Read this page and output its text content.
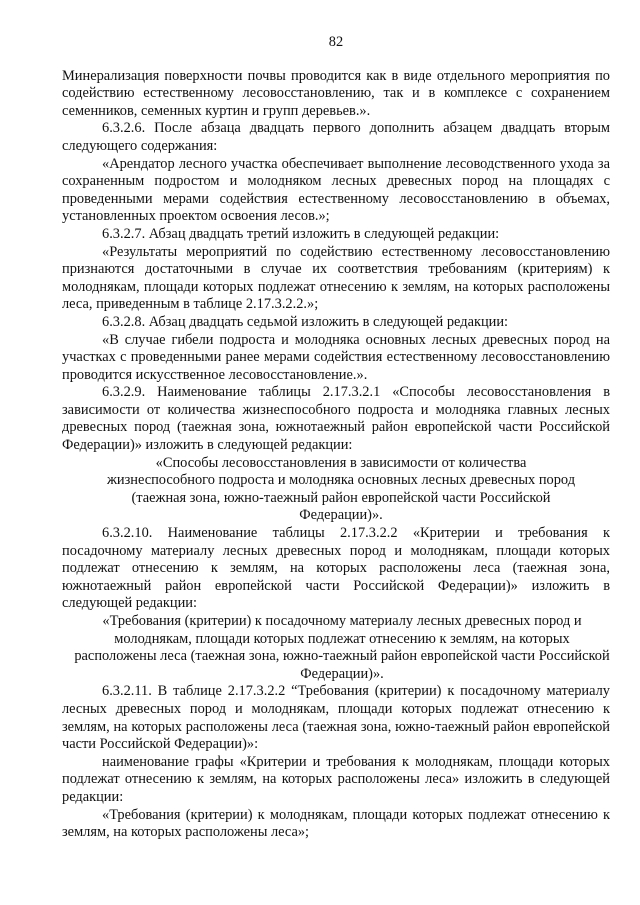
82

Минерализация поверхности почвы проводится как в виде отдельного мероприятия по содействию естественному лесовосстановлению, так и в комплексе с сохранением семенников, семенных куртин и групп деревьев.».

6.3.2.6. После абзаца двадцать первого дополнить абзацем двадцать вторым следующего содержания:

«Арендатор лесного участка обеспечивает выполнение лесоводственного ухода за сохраненным подростом и молодняком лесных древесных пород на площадях с проведенными мерами содействия естественному лесовосстановлению в объемах, установленных проектом освоения лесов.»;

6.3.2.7. Абзац двадцать третий изложить в следующей редакции:

«Результаты мероприятий по содействию естественному лесовосстановлению признаются достаточными в случае их соответствия требованиям (критериям) к молоднякам, площади которых подлежат отнесению к землям, на которых расположены леса, приведенным в таблице 2.17.3.2.2.»;

6.3.2.8. Абзац двадцать седьмой изложить в следующей редакции:

«В случае гибели подроста и молодняка основных лесных древесных пород на участках с проведенными ранее мерами содействия естественному лесовосстановлению проводится искусственное лесовосстановление.».

6.3.2.9. Наименование таблицы 2.17.3.2.1 «Способы лесовосстановления в зависимости от количества жизнеспособного подроста и молодняка главных лесных древесных пород (таежная зона, южнотаежный район европейской части Российской Федерации)» изложить в следующей редакции:

«Способы лесовосстановления в зависимости от количества жизнеспособного подроста и молодняка основных лесных древесных пород (таежная зона, южно-таежный район европейской части Российской Федерации)».

6.3.2.10. Наименование таблицы 2.17.3.2.2 «Критерии и требования к посадочному материалу лесных древесных пород и молоднякам, площади которых подлежат отнесению к землям, на которых расположены леса (таежная зона, южнотаежный район европейской части Российской Федерации)» изложить в следующей редакции:

«Требования (критерии) к посадочному материалу лесных древесных пород и молоднякам, площади которых подлежат отнесению к землям, на которых расположены леса (таежная зона, южно-таежный район европейской части Российской Федерации)».

6.3.2.11. В таблице 2.17.3.2.2 “Требования (критерии) к посадочному материалу лесных древесных пород и молоднякам, площади которых подлежат отнесению к землям, на которых расположены леса (таежная зона, южно-таежный район европейской части Российской Федерации)»:

наименование графы «Критерии и требования к молоднякам, площади которых подлежат отнесению к землям, на которых расположены леса» изложить в следующей редакции:

«Требования (критерии) к молоднякам, площади которых подлежат отнесению к землям, на которых расположены леса»;
